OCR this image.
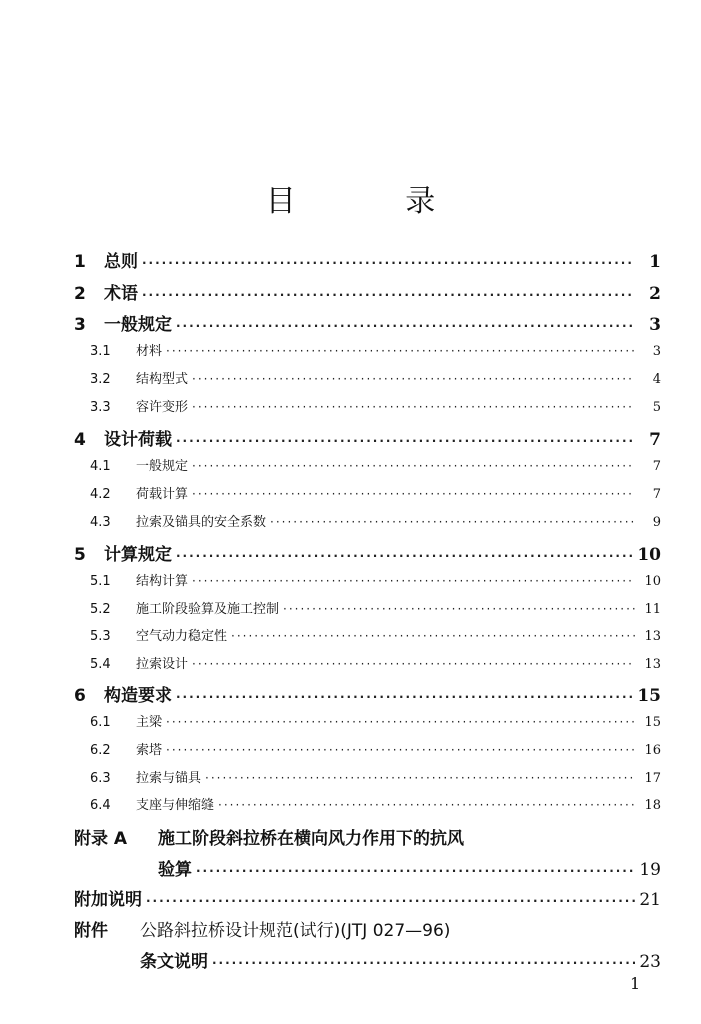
目 录
1	总则 ·····	1
2	术语 ·····	2
3	一般规定 ·····	3
3.1	材料 ·····	3
3.2	结构型式 ·····	4
3.3	容许变形 ·····	5
4	设计荷载 ·····	7
4.1	一般规定 ·····	7
4.2	荷载计算 ·····	7
4.3	拉索及锚具的安全系数 ·····	9
5	计算规定 ·····	10
5.1	结构计算 ·····	10
5.2	施工阶段验算及施工控制 ·····	11
5.3	空气动力稳定性 ·····	13
5.4	拉索设计 ·····	13
6	构造要求 ·····	15
6.1	主梁 ·····	15
6.2	索塔 ·····	16
6.3	拉索与锚具 ·····	17
6.4	支座与伸缩缝 ·····	18
附录 A	施工阶段斜拉桥在横向风力作用下的抗风
验算 ·····	19
附加说明 ·····	21
附件	公路斜拉桥设计规范(试行)(JTJ 027—96)
条文说明 ·····	23
1
